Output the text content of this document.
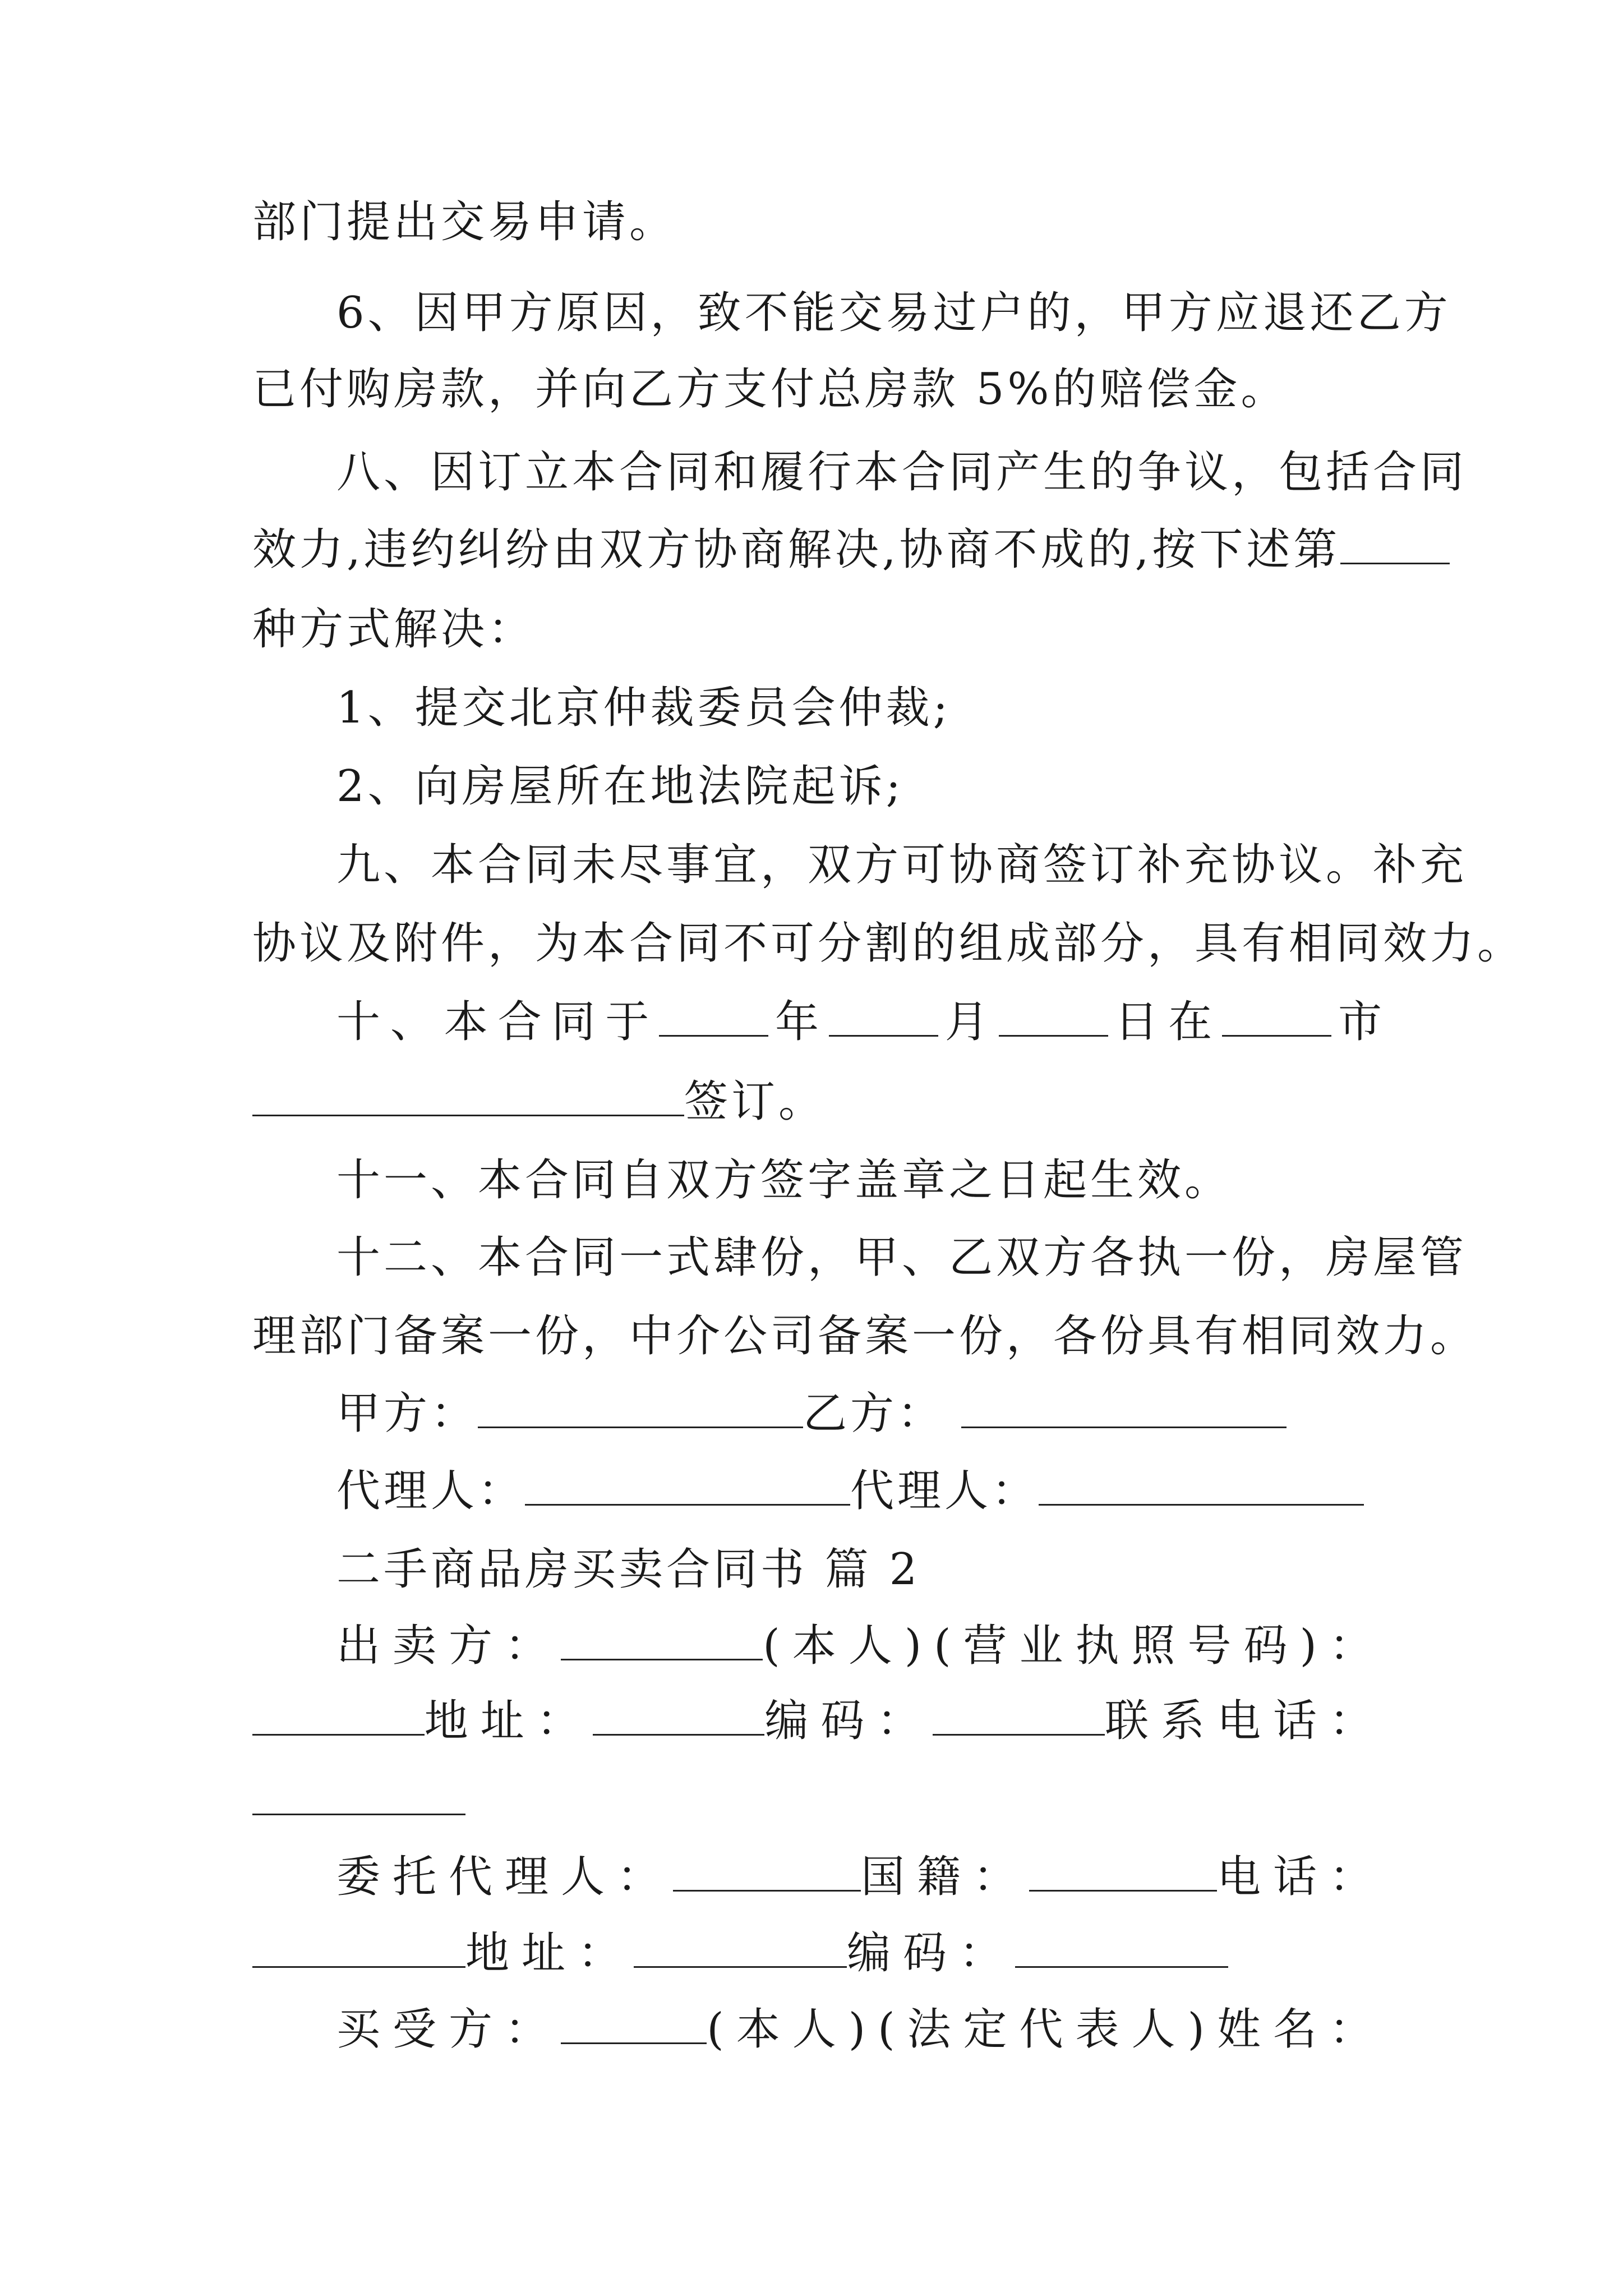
部门提出交易申请。
6、因甲方原因，致不能交易过户的，甲方应退还乙方
已付购房款，并向乙方支付总房款 5%的赔偿金。
八、因订立本合同和履行本合同产生的争议，包括合同
效力,违约纠纷由双方协商解决,协商不成的,按下述第
种方式解决：
1、提交北京仲裁委员会仲裁;
2、向房屋所在地法院起诉;
九、本合同未尽事宜，双方可协商签订补充协议。补充
协议及附件，为本合同不可分割的组成部分，具有相同效力。
十 、 本 合 同 于	年	月	日 在	市
签订。
十一、本合同自双方签字盖章之日起生效。
十二、本合同一式肆份，甲、乙双方各执一份，房屋管
理部门备案一份，中介公司备案一份，各份具有相同效力。
甲方：	乙方：
代理人：	代理人：
二手商品房买卖合同书 篇 2
出卖方：	(本人)(营业执照号码)：
地址：	编码：	联系电话：
委托代理人：	国籍：	电话：
地址：	编码：
买受方：	(本人)(法定代表人)姓名：
